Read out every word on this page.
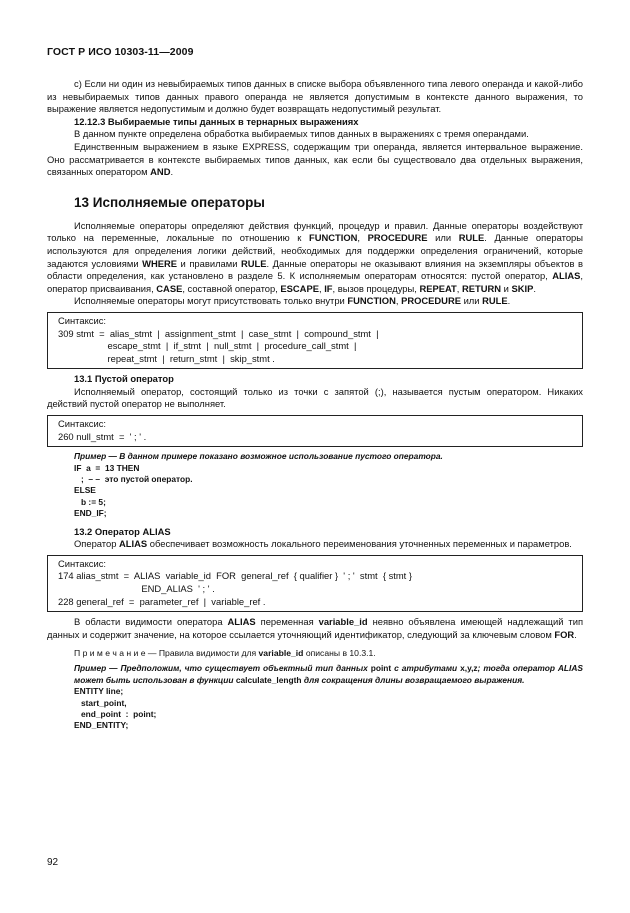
ГОСТ Р ИСО 10303-11—2009

с) Если ни один из невыбираемых типов данных в списке выбора объявленного типа левого операнда и какой-либо из невыбираемых типов данных правого операнда не является допустимым в контексте данного выражения, то выражение является недопустимым и должно будет возвращать недопустимый результат.

12.12.3 Выбираемые типы данных в тернарных выражениях

В данном пункте определена обработка выбираемых типов данных в выражениях с тремя операндами.

Единственным выражением в языке EXPRESS, содержащим три операнда, является интервальное выражение. Оно рассматривается в контексте выбираемых типов данных, как если бы существовало два отдельных выражения, связанных оператором AND.

13 Исполняемые операторы

Исполняемые операторы определяют действия функций, процедур и правил. Данные операторы воздействуют только на переменные, локальные по отношению к FUNCTION, PROCEDURE или RULE. Данные операторы используются для определения логики действий, необходимых для поддержки определения ограничений, которые задаются условиями WHERE и правилами RULE. Данные операторы не оказывают влияния на экземпляры объектов в области определения, как установлено в разделе 5. К исполняемым операторам относятся: пустой оператор, ALIAS, оператор присваивания, CASE, составной оператор, ESCAPE, IF, вызов процедуры, REPEAT, RETURN и SKIP.

Исполняемые операторы могут присутствовать только внутри FUNCTION, PROCEDURE или RULE.

Синтаксис:

309 stmt  =  alias_stmt  |  assignment_stmt  |  case_stmt  |  compound_stmt  |

escape_stmt  |  if_stmt  |  null_stmt  |  procedure_call_stmt  |

repeat_stmt  |  return_stmt  |  skip_stmt .

13.1 Пустой оператор

Исполняемый оператор, состоящий только из точки с запятой (;), называется пустым оператором. Никаких действий пустой оператор не выполняет.

Синтаксис:

260 null_stmt  =  ' ; ' .

Пример — В данном примере показано возможное использование пустого оператора.

IF  a  =  13 THEN

;  – –  это пустой оператор.

ELSE

b := 5;

END_IF;

13.2 Оператор ALIAS

Оператор ALIAS обеспечивает возможность локального переименования уточненных переменных и параметров.

Синтаксис:

174 alias_stmt  =  ALIAS  variable_id  FOR  general_ref  { qualifier }  ' ; '  stmt  { stmt }

END_ALIAS  ' ; ' .

228 general_ref  =  parameter_ref  |  variable_ref .

В области видимости оператора ALIAS переменная variable_id неявно объявлена имеющей надлежащий тип данных и содержит значение, на которое ссылается уточняющий идентификатор, следующий за ключевым словом FOR.

П р и м е ч а н и е — Правила видимости для variable_id описаны в 10.3.1.

Пример — Предположим, что существует объектный тип данных point с атрибутами x,y,z; тогда оператор ALIAS может быть использован в функции calculate_length для сокращения длины возвращаемого выражения.

ENTITY line;

start_point,

end_point  :  point;

END_ENTITY;

92
